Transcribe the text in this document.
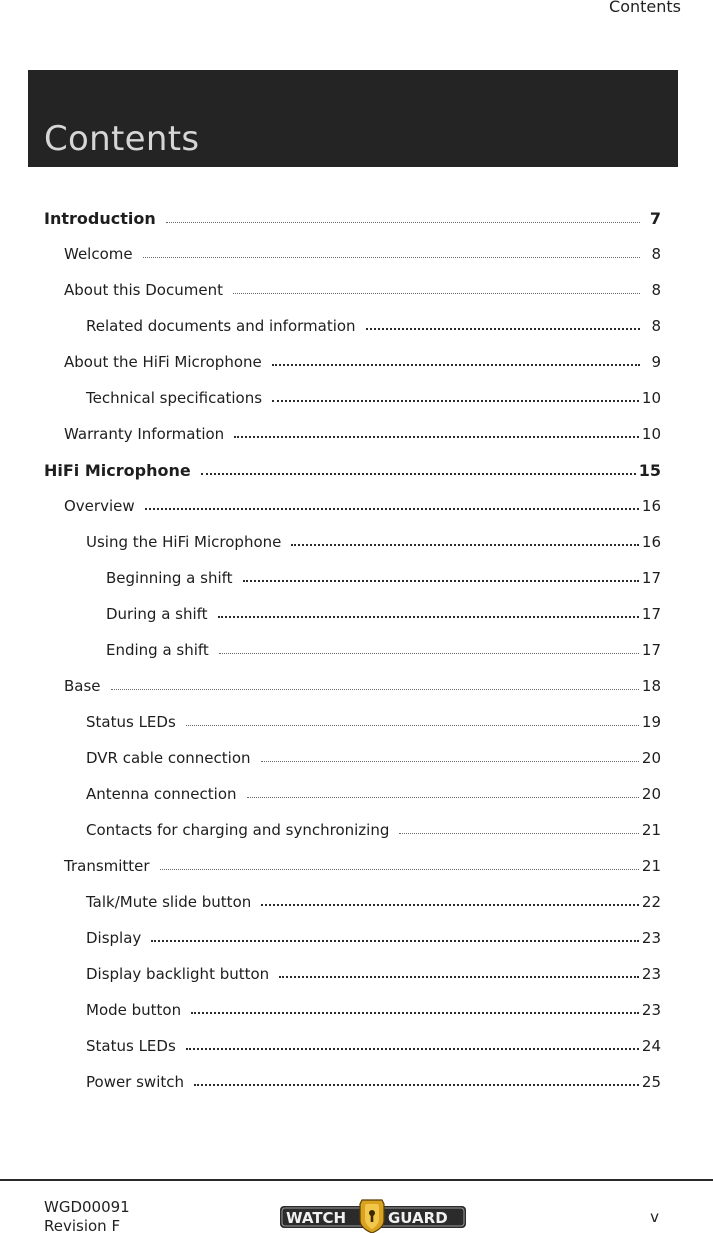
Contents
Contents
Introduction	7
Welcome	8
About this Document	8
Related documents and information	8
About the HiFi Microphone	9
Technical specifications	10
Warranty Information	10
HiFi Microphone	15
Overview	16
Using the HiFi Microphone	16
Beginning a shift	17
During a shift	17
Ending a shift	17
Base	18
Status LEDs	19
DVR cable connection	20
Antenna connection	20
Contacts for charging and synchronizing	21
Transmitter	21
Talk/Mute slide button	22
Display	23
Display backlight button	23
Mode button	23
Status LEDs	24
Power switch	25
WGD00091
Revision F	WATCH	GUARD	v
